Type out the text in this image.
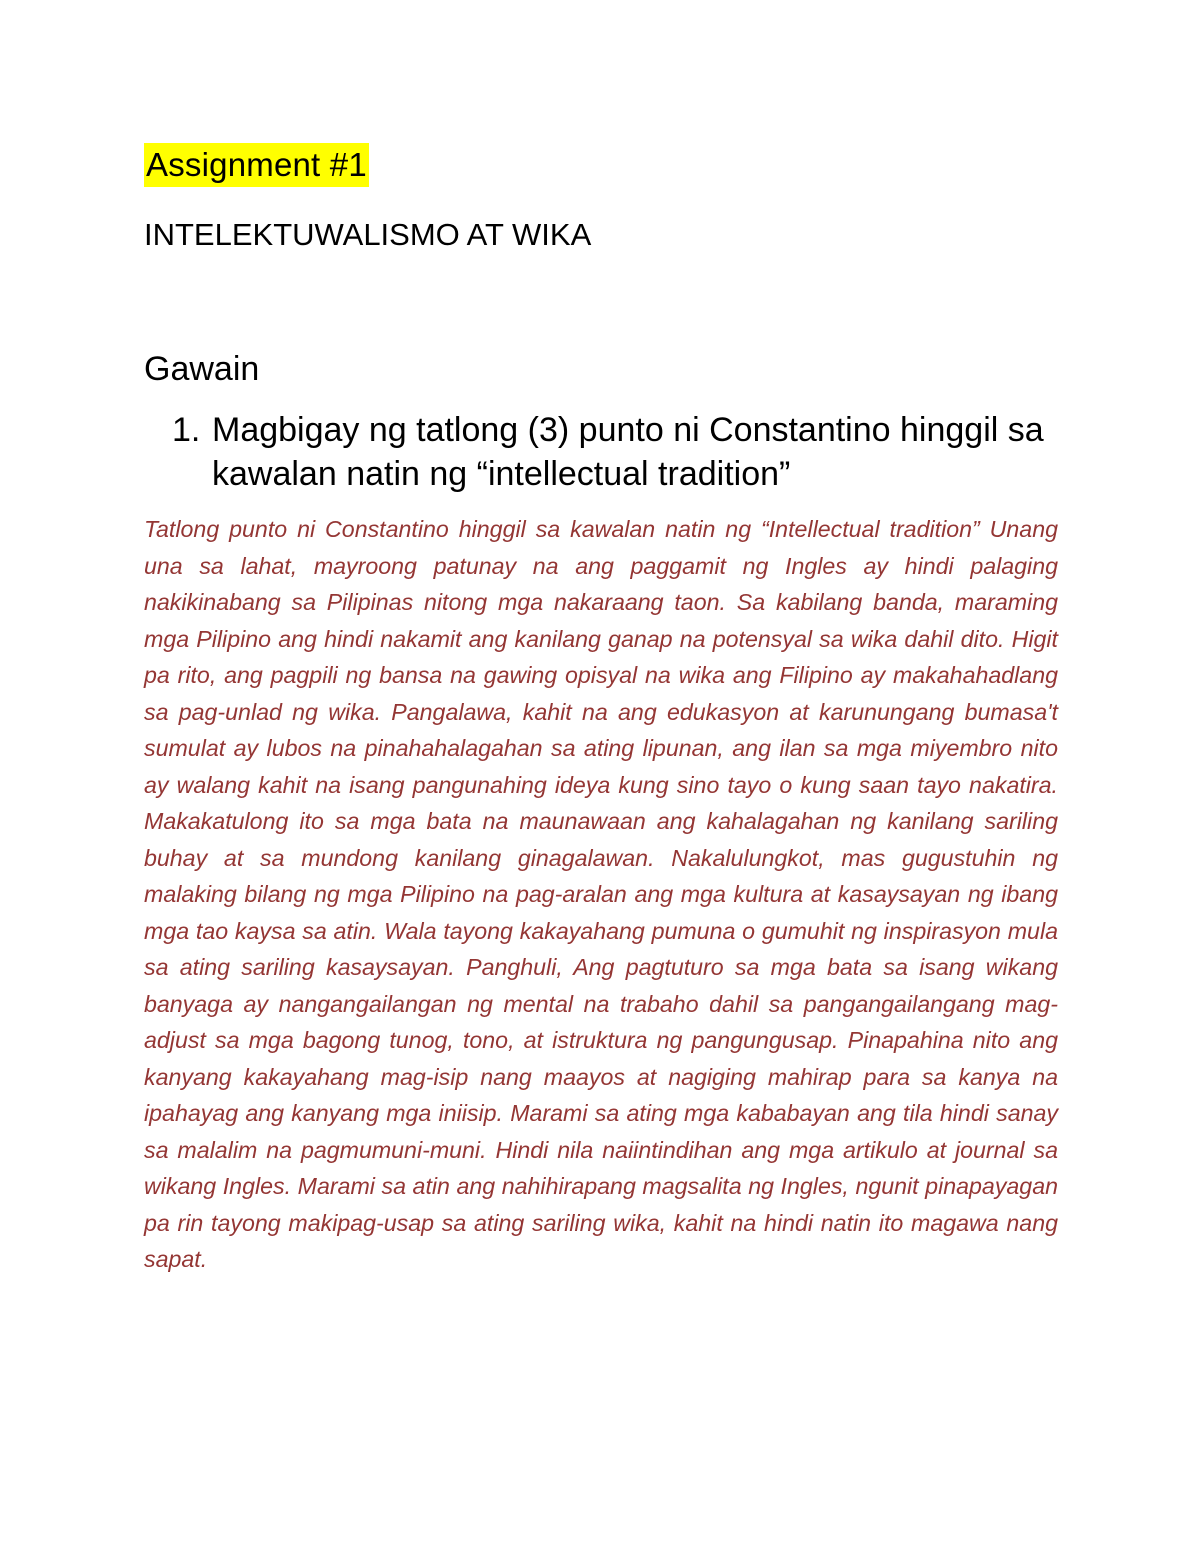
Assignment #1
INTELEKTUWALISMO AT WIKA
Gawain
1. Magbigay ng tatlong (3) punto ni Constantino hinggil sa kawalan natin ng “intellectual tradition”
Tatlong punto ni Constantino hinggil sa kawalan natin ng “Intellectual tradition” Unang una sa lahat, mayroong patunay na ang paggamit ng Ingles ay hindi palaging nakikinabang sa Pilipinas nitong mga nakaraang taon. Sa kabilang banda, maraming mga Pilipino ang hindi nakamit ang kanilang ganap na potensyal sa wika dahil dito. Higit pa rito, ang pagpili ng bansa na gawing opisyal na wika ang Filipino ay makahahadlang sa pag-unlad ng wika. Pangalawa, kahit na ang edukasyon at karunungang bumasa't sumulat ay lubos na pinahahalagahan sa ating lipunan, ang ilan sa mga miyembro nito ay walang kahit na isang pangunahing ideya kung sino tayo o kung saan tayo nakatira. Makakatulong ito sa mga bata na maunawaan ang kahalagahan ng kanilang sariling buhay at sa mundong kanilang ginagalawan. Nakalulungkot, mas gugustuhin ng malaking bilang ng mga Pilipino na pag-aralan ang mga kultura at kasaysayan ng ibang mga tao kaysa sa atin. Wala tayong kakayahang pumuna o gumuhit ng inspirasyon mula sa ating sariling kasaysayan. Panghuli, Ang pagtuturo sa mga bata sa isang wikang banyaga ay nangangailangan ng mental na trabaho dahil sa pangangailangang mag-adjust sa mga bagong tunog, tono, at istruktura ng pangungusap. Pinapahina nito ang kanyang kakayahang mag-isip nang maayos at nagiging mahirap para sa kanya na ipahayag ang kanyang mga iniisip. Marami sa ating mga kababayan ang tila hindi sanay sa malalim na pagmumuni-muni. Hindi nila naiintindihan ang mga artikulo at journal sa wikang Ingles. Marami sa atin ang nahihirapang magsalita ng Ingles, ngunit pinapayagan pa rin tayong makipag-usap sa ating sariling wika, kahit na hindi natin ito magawa nang sapat.
